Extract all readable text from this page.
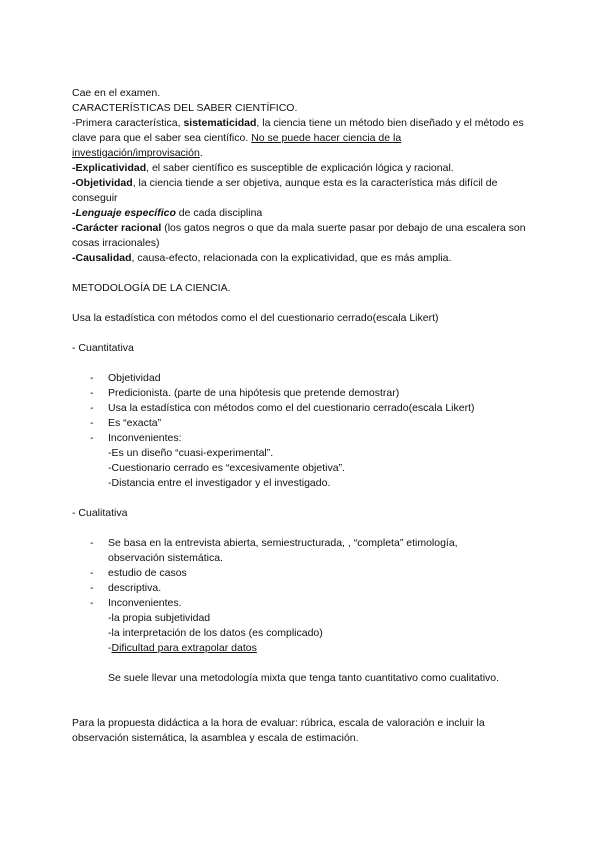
Cae en el examen.
CARACTERÍSTICAS DEL SABER CIENTÍFICO.
-Primera característica, sistematicidad, la ciencia tiene un método bien diseñado y el método es clave para que el saber sea científico. No se puede hacer ciencia de la investigación/improvisación.
-Explicatividad, el saber científico es susceptible de explicación lógica y racional.
-Objetividad, la ciencia tiende a ser objetiva, aunque esta es la característica más difícil de conseguir
-Lenguaje específico de cada disciplina
-Carácter racional (los gatos negros o que da mala suerte pasar por debajo de una escalera son cosas irracionales)
-Causalidad, causa-efecto, relacionada con la explicatividad, que es más amplia.
METODOLOGÍA DE LA CIENCIA.
Usa la estadística con métodos como el del cuestionario cerrado(escala Likert)
- Cuantitativa
- Objetividad
- Predicionista. (parte de una hipótesis que pretende demostrar)
- Usa la estadística con métodos como el del cuestionario cerrado(escala Likert)
- Es “exacta”
- Inconvenientes:
-Es un diseño “cuasi-experimental”.
-Cuestionario cerrado es “excesivamente objetiva”.
-Distancia entre el investigador y el investigado.
- Cualitativa
- Se basa en la entrevista abierta, semiestructurada, , “completa” etimología, observación sistemática.
- estudio de casos
- descriptiva.
- Inconvenientes.
-la propia subjetividad
-la interpretación de los datos (es complicado)
-Dificultad para extrapolar datos
Se suele llevar una metodología mixta que tenga tanto cuantitativo como cualitativo.
Para la propuesta didáctica a la hora de evaluar: rúbrica, escala de valoración e incluir la observación sistemática, la asamblea y escala de estimación.
